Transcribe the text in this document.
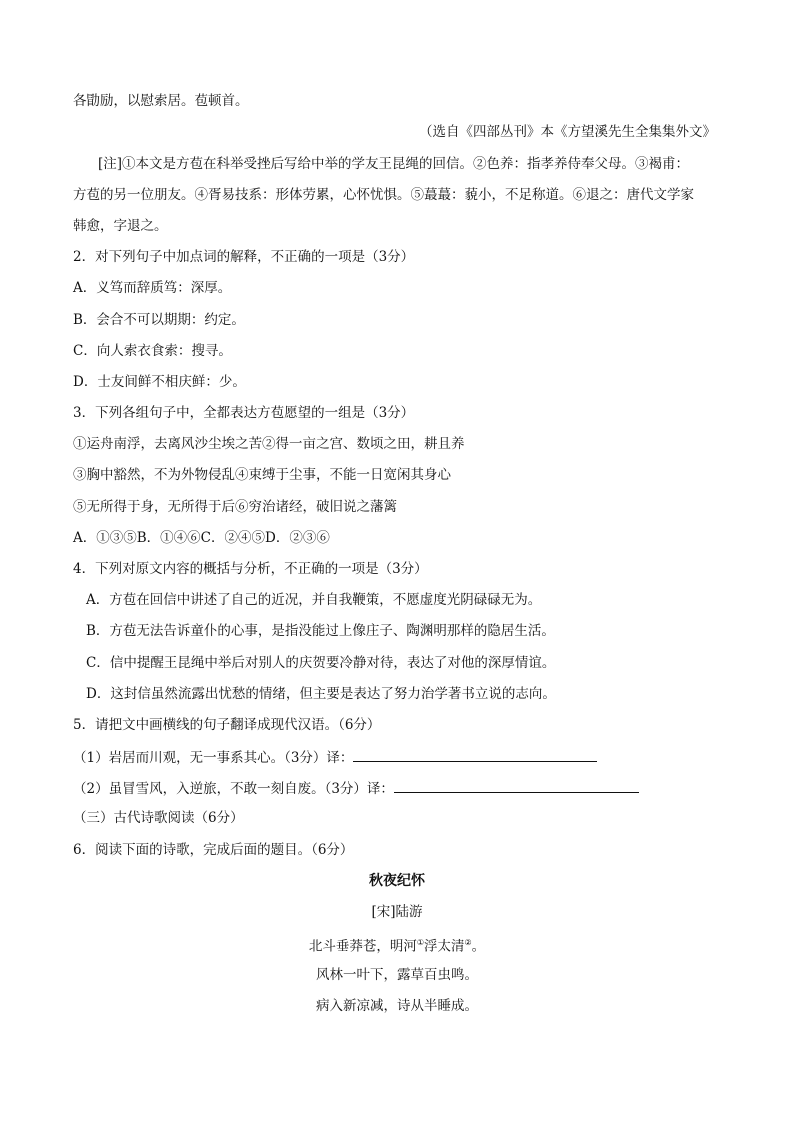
各勖励，以慰索居。苞顿首。
（选自《四部丛刊》本《方望溪先生全集集外文》
[注]①本文是方苞在科举受挫后写给中举的学友王昆绳的回信。②色养：指孝养侍奉父母。③褐甫：
方苞的另一位朋友。④胥易技系：形体劳累，心怀忧惧。⑤蕞蕞：藐小，不足称道。⑥退之：唐代文学家
韩愈，字退之。
2．对下列句子中加点词的解释，不正确的一项是（3分）
A．义笃而辞质笃：深厚。
B．会合不可以期期：约定。
C．向人索衣食索：搜寻。
D．士友间鲜不相庆鲜：少。
3．下列各组句子中，全都表达方苞愿望的一组是（3分）
①运舟南浮，去离风沙尘埃之苦②得一亩之宫、数顷之田，耕且养
③胸中豁然，不为外物侵乱④束缚于尘事，不能一日宽闲其身心
⑤无所得于身，无所得于后⑥穷治诸经，破旧说之藩篱
A．①③⑤B．①④⑥C．②④⑤D．②③⑥
4．下列对原文内容的概括与分析，不正确的一项是（3分）
A．方苞在回信中讲述了自己的近况，并自我鞭策，不愿虚度光阴碌碌无为。
B．方苞无法告诉童仆的心事，是指没能过上像庄子、陶渊明那样的隐居生活。
C．信中提醒王昆绳中举后对别人的庆贺要冷静对待，表达了对他的深厚情谊。
D．这封信虽然流露出忧愁的情绪，但主要是表达了努力治学著书立说的志向。
5．请把文中画横线的句子翻译成现代汉语。（6分）
（1）岩居而川观，无一事系其心。（3分）译：
（2）虽冒雪风，入逆旅，不敢一刻自废。（3分）译：
（三）古代诗歌阅读（6分）
6．阅读下面的诗歌，完成后面的题目。（6分）
秋夜纪怀
[宋]陆游
北斗垂莽苍，明河①浮太清②。
风林一叶下，露草百虫鸣。
病入新凉减，诗从半睡成。
